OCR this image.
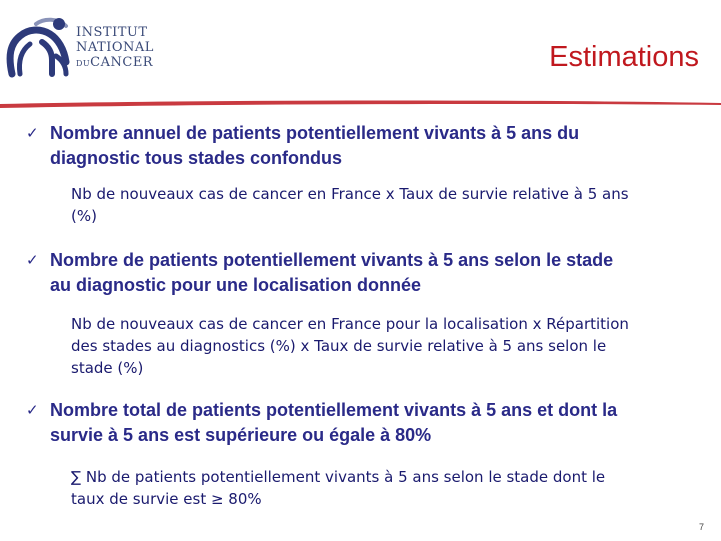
INSTITUT
NATIONAL
DUCANCER	Estimations
✓ Nombre annuel de patients potentiellement vivants à 5 ans du
diagnostic tous stades confondus
Nb de nouveaux cas de cancer en France x Taux de survie relative à 5 ans
(%)
✓ Nombre de patients potentiellement vivants à 5 ans selon le stade
au diagnostic pour une localisation donnée
Nb de nouveaux cas de cancer en France pour la localisation x Répartition
des stades au diagnostics (%) x Taux de survie relative à 5 ans selon le
stade (%)
✓ Nombre total de patients potentiellement vivants à 5 ans et dont la
survie à 5 ans est supérieure ou égale à 80%
∑ Nb de patients potentiellement vivants à 5 ans selon le stade dont le
taux de survie est ≥ 80%
7
